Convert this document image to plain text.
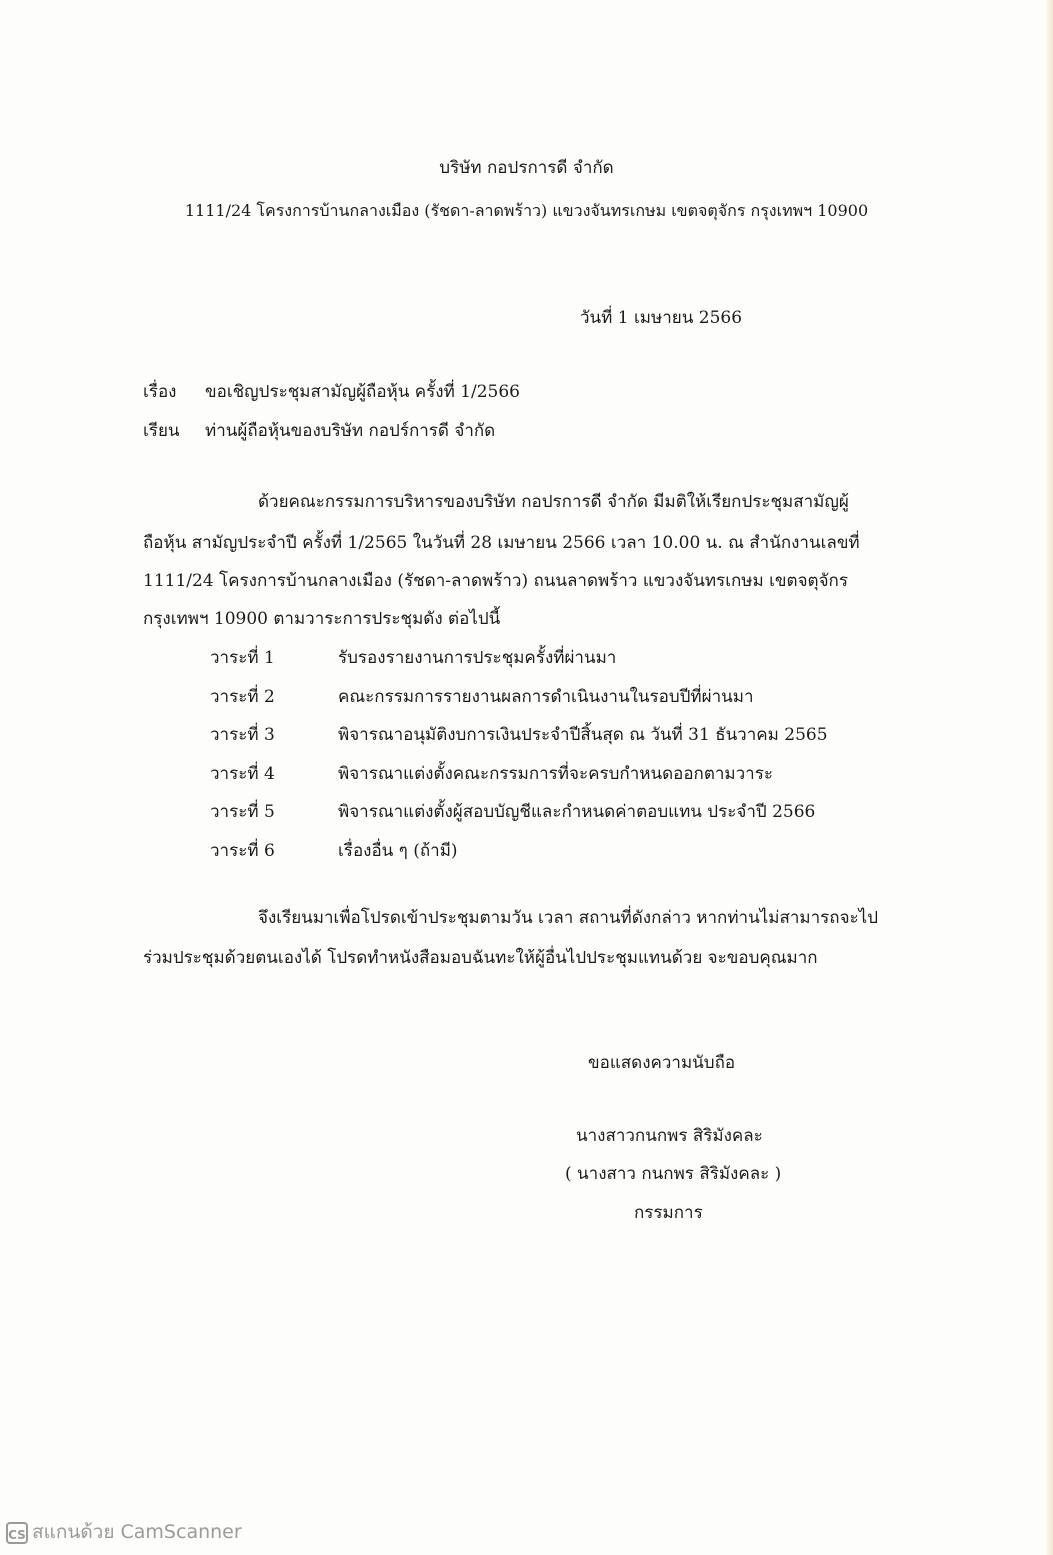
บริษัท กอปรการดี จำกัด
1111/24 โครงการบ้านกลางเมือง (รัชดา-ลาดพร้าว) แขวงจันทรเกษม เขตจตุจักร กรุงเทพฯ 10900
วันที่ 1 เมษายน 2566
เรื่อง ขอเชิญประชุมสามัญผู้ถือหุ้น ครั้งที่ 1/2566
เรียน ท่านผู้ถือหุ้นของบริษัท กอปร์การดี จำกัด
ด้วยคณะกรรมการบริหารของบริษัท กอปรการดี จำกัด มีมติให้เรียกประชุมสามัญผู้
ถือหุ้น สามัญประจำปี ครั้งที่ 1/2565 ในวันที่ 28 เมษายน 2566 เวลา 10.00 น. ณ สำนักงานเลขที่
1111/24 โครงการบ้านกลางเมือง (รัชดา-ลาดพร้าว) ถนนลาดพร้าว แขวงจันทรเกษม เขตจตุจักร
กรุงเทพฯ 10900 ตามวาระการประชุมดัง ต่อไปนี้
วาระที่ 1	รับรองรายงานการประชุมครั้งที่ผ่านมา
วาระที่ 2	คณะกรรมการรายงานผลการดำเนินงานในรอบปีที่ผ่านมา
วาระที่ 3	พิจารณาอนุมัติงบการเงินประจำปีสิ้นสุด ณ วันที่ 31 ธันวาคม 2565
วาระที่ 4	พิจารณาแต่งตั้งคณะกรรมการที่จะครบกำหนดออกตามวาระ
วาระที่ 5	พิจารณาแต่งตั้งผู้สอบบัญชีและกำหนดค่าตอบแทน ประจำปี 2566
วาระที่ 6	เรื่องอื่น ๆ (ถ้ามี)
จึงเรียนมาเพื่อโปรดเข้าประชุมตามวัน เวลา สถานที่ดังกล่าว หากท่านไม่สามารถจะไป
ร่วมประชุมด้วยตนเองได้ โปรดทำหนังสือมอบฉันทะให้ผู้อื่นไปประชุมแทนด้วย จะขอบคุณมาก
ขอแสดงความนับถือ
นางสาวกนกพร สิริมังคละ
( นางสาว กนกพร สิริมังคละ )
กรรมการ
CS สแกนด้วย CamScanner
